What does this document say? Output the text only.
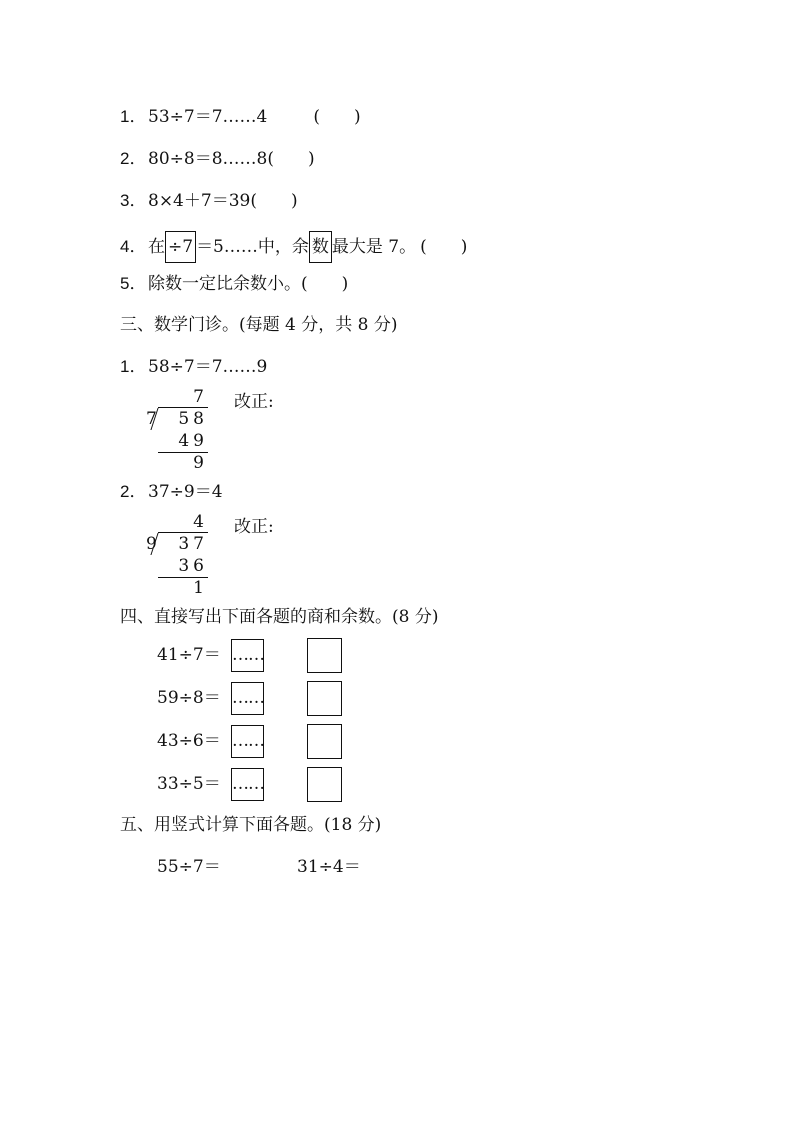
1．53÷7＝7……4	(　　)
2．80÷8＝8……8(　　)
3．8×4＋7＝39(　　)
4．在 ÷7 ＝5……中，余 数 最大是 7。 (　　)
5．除数一定比余数小。(　　)
三、数学门诊。(每题 4 分，共 8 分)
1．58÷7＝7……9
7
7	58
49
9
改正:
2．37÷9＝4
4
9	37
36
1
改正:
四、直接写出下面各题的商和余数。(8 分)
41÷7＝ ……
59÷8＝ ……
43÷6＝ ……
33÷5＝ ……
五、用竖式计算下面各题。(18 分)
55÷7＝	31÷4＝
